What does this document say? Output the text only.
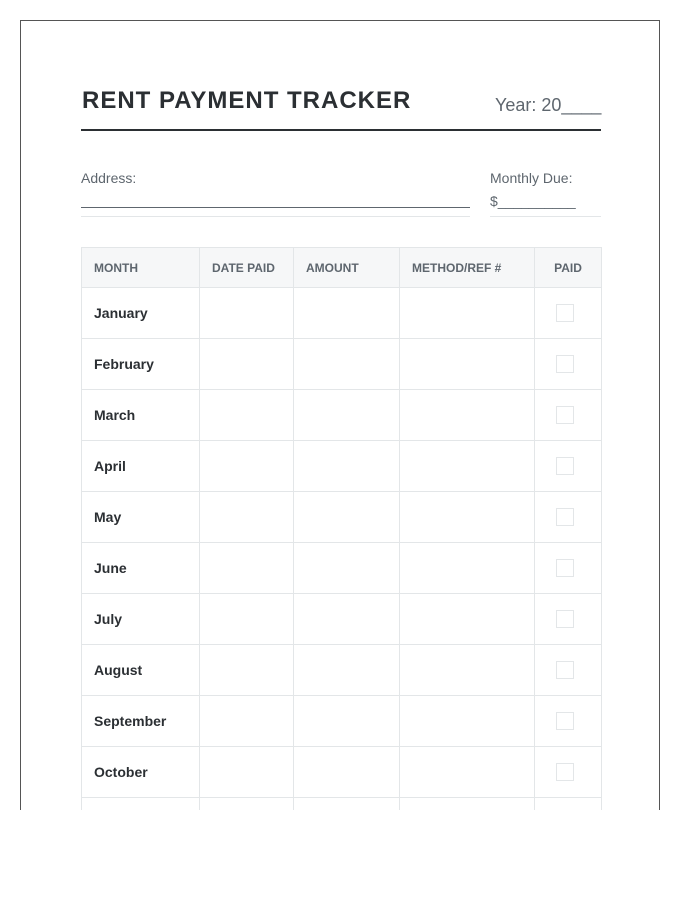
RENT PAYMENT TRACKER	Year: 20____
Address:	Monthly Due:
$__________
MONTH	DATE PAID	AMOUNT	METHOD/REF #	PAID
January				
February				
March				
April				
May				
June				
July				
August				
September				
October				
